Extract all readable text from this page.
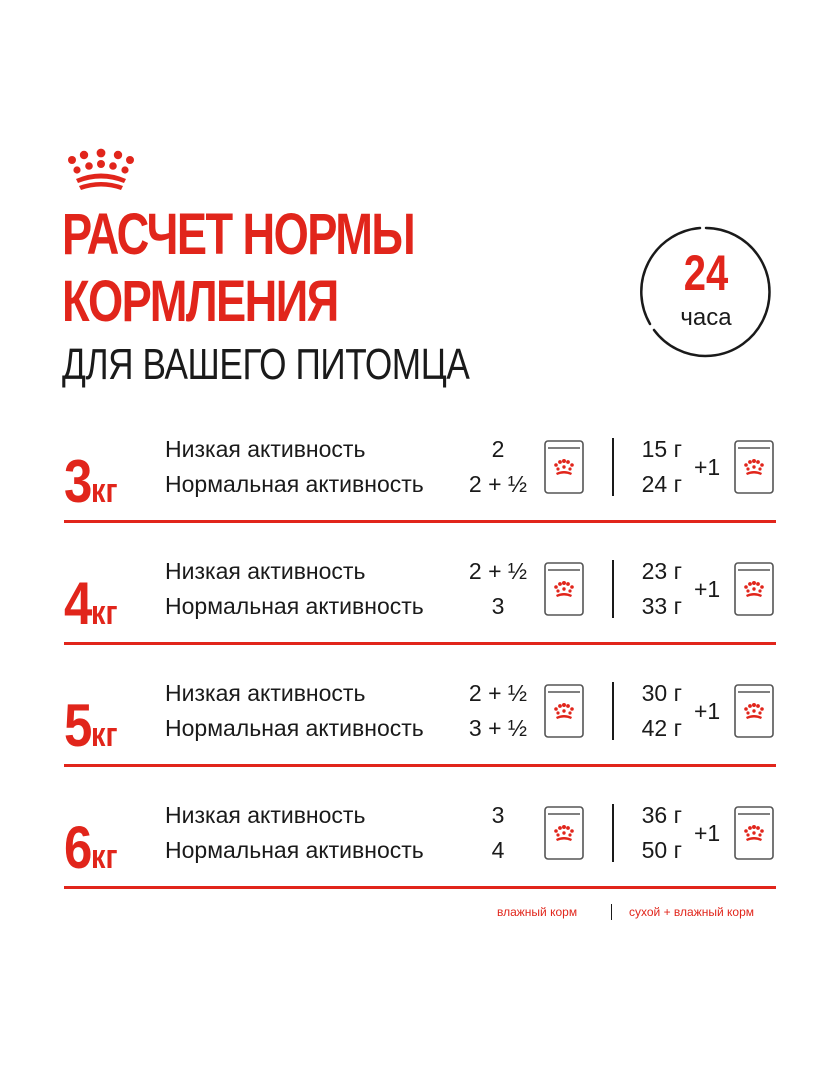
РАСЧЕТ НОРМЫ
КОРМЛЕНИЯ
ДЛЯ ВАШЕГО ПИТОМЦА
24
часа
3кг
Низкая активность
Нормальная активность
2
2 + ½
15 г
24 г
+1
4кг
Низкая активность
Нормальная активность
2 + ½
3
23 г
33 г
+1
5кг
Низкая активность
Нормальная активность
2 + ½
3 + ½
30 г
42 г
+1
6кг
Низкая активность
Нормальная активность
3
4
36 г
50 г
+1
влажный корм	сухой + влажный корм
